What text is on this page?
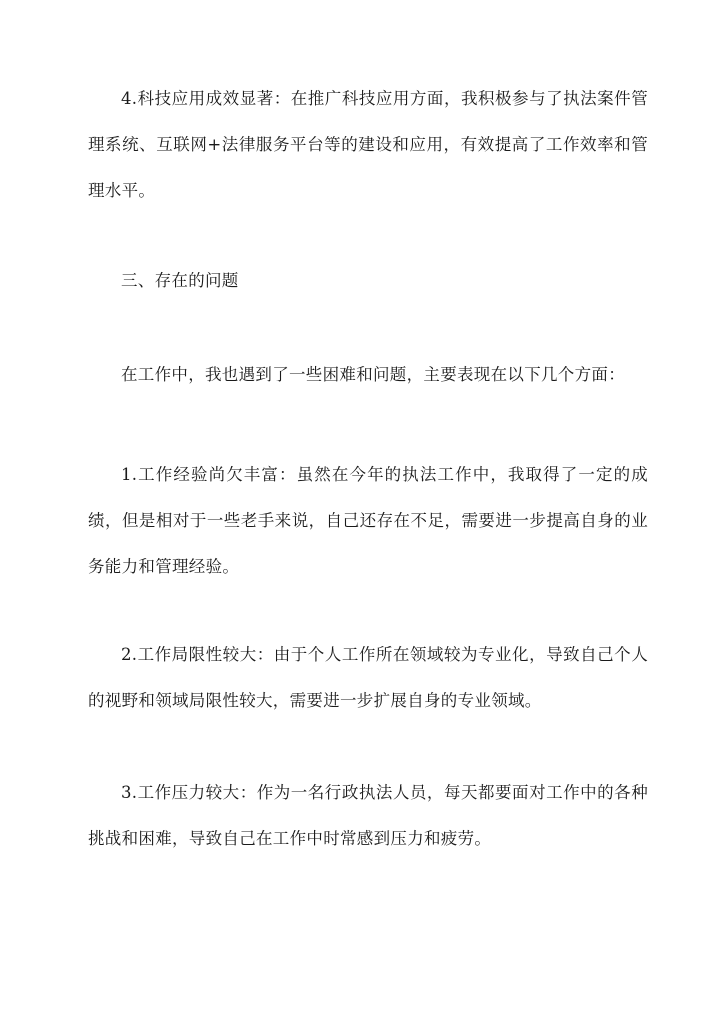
4.科技应用成效显著：在推广科技应用方面，我积极参与了执法案件管理系统、互联网+法律服务平台等的建设和应用，有效提高了工作效率和管理水平。

三、存在的问题

在工作中，我也遇到了一些困难和问题，主要表现在以下几个方面：

1.工作经验尚欠丰富：虽然在今年的执法工作中，我取得了一定的成绩，但是相对于一些老手来说，自己还存在不足，需要进一步提高自身的业务能力和管理经验。

2.工作局限性较大：由于个人工作所在领域较为专业化，导致自己个人的视野和领域局限性较大，需要进一步扩展自身的专业领域。

3.工作压力较大：作为一名行政执法人员，每天都要面对工作中的各种挑战和困难，导致自己在工作中时常感到压力和疲劳。
